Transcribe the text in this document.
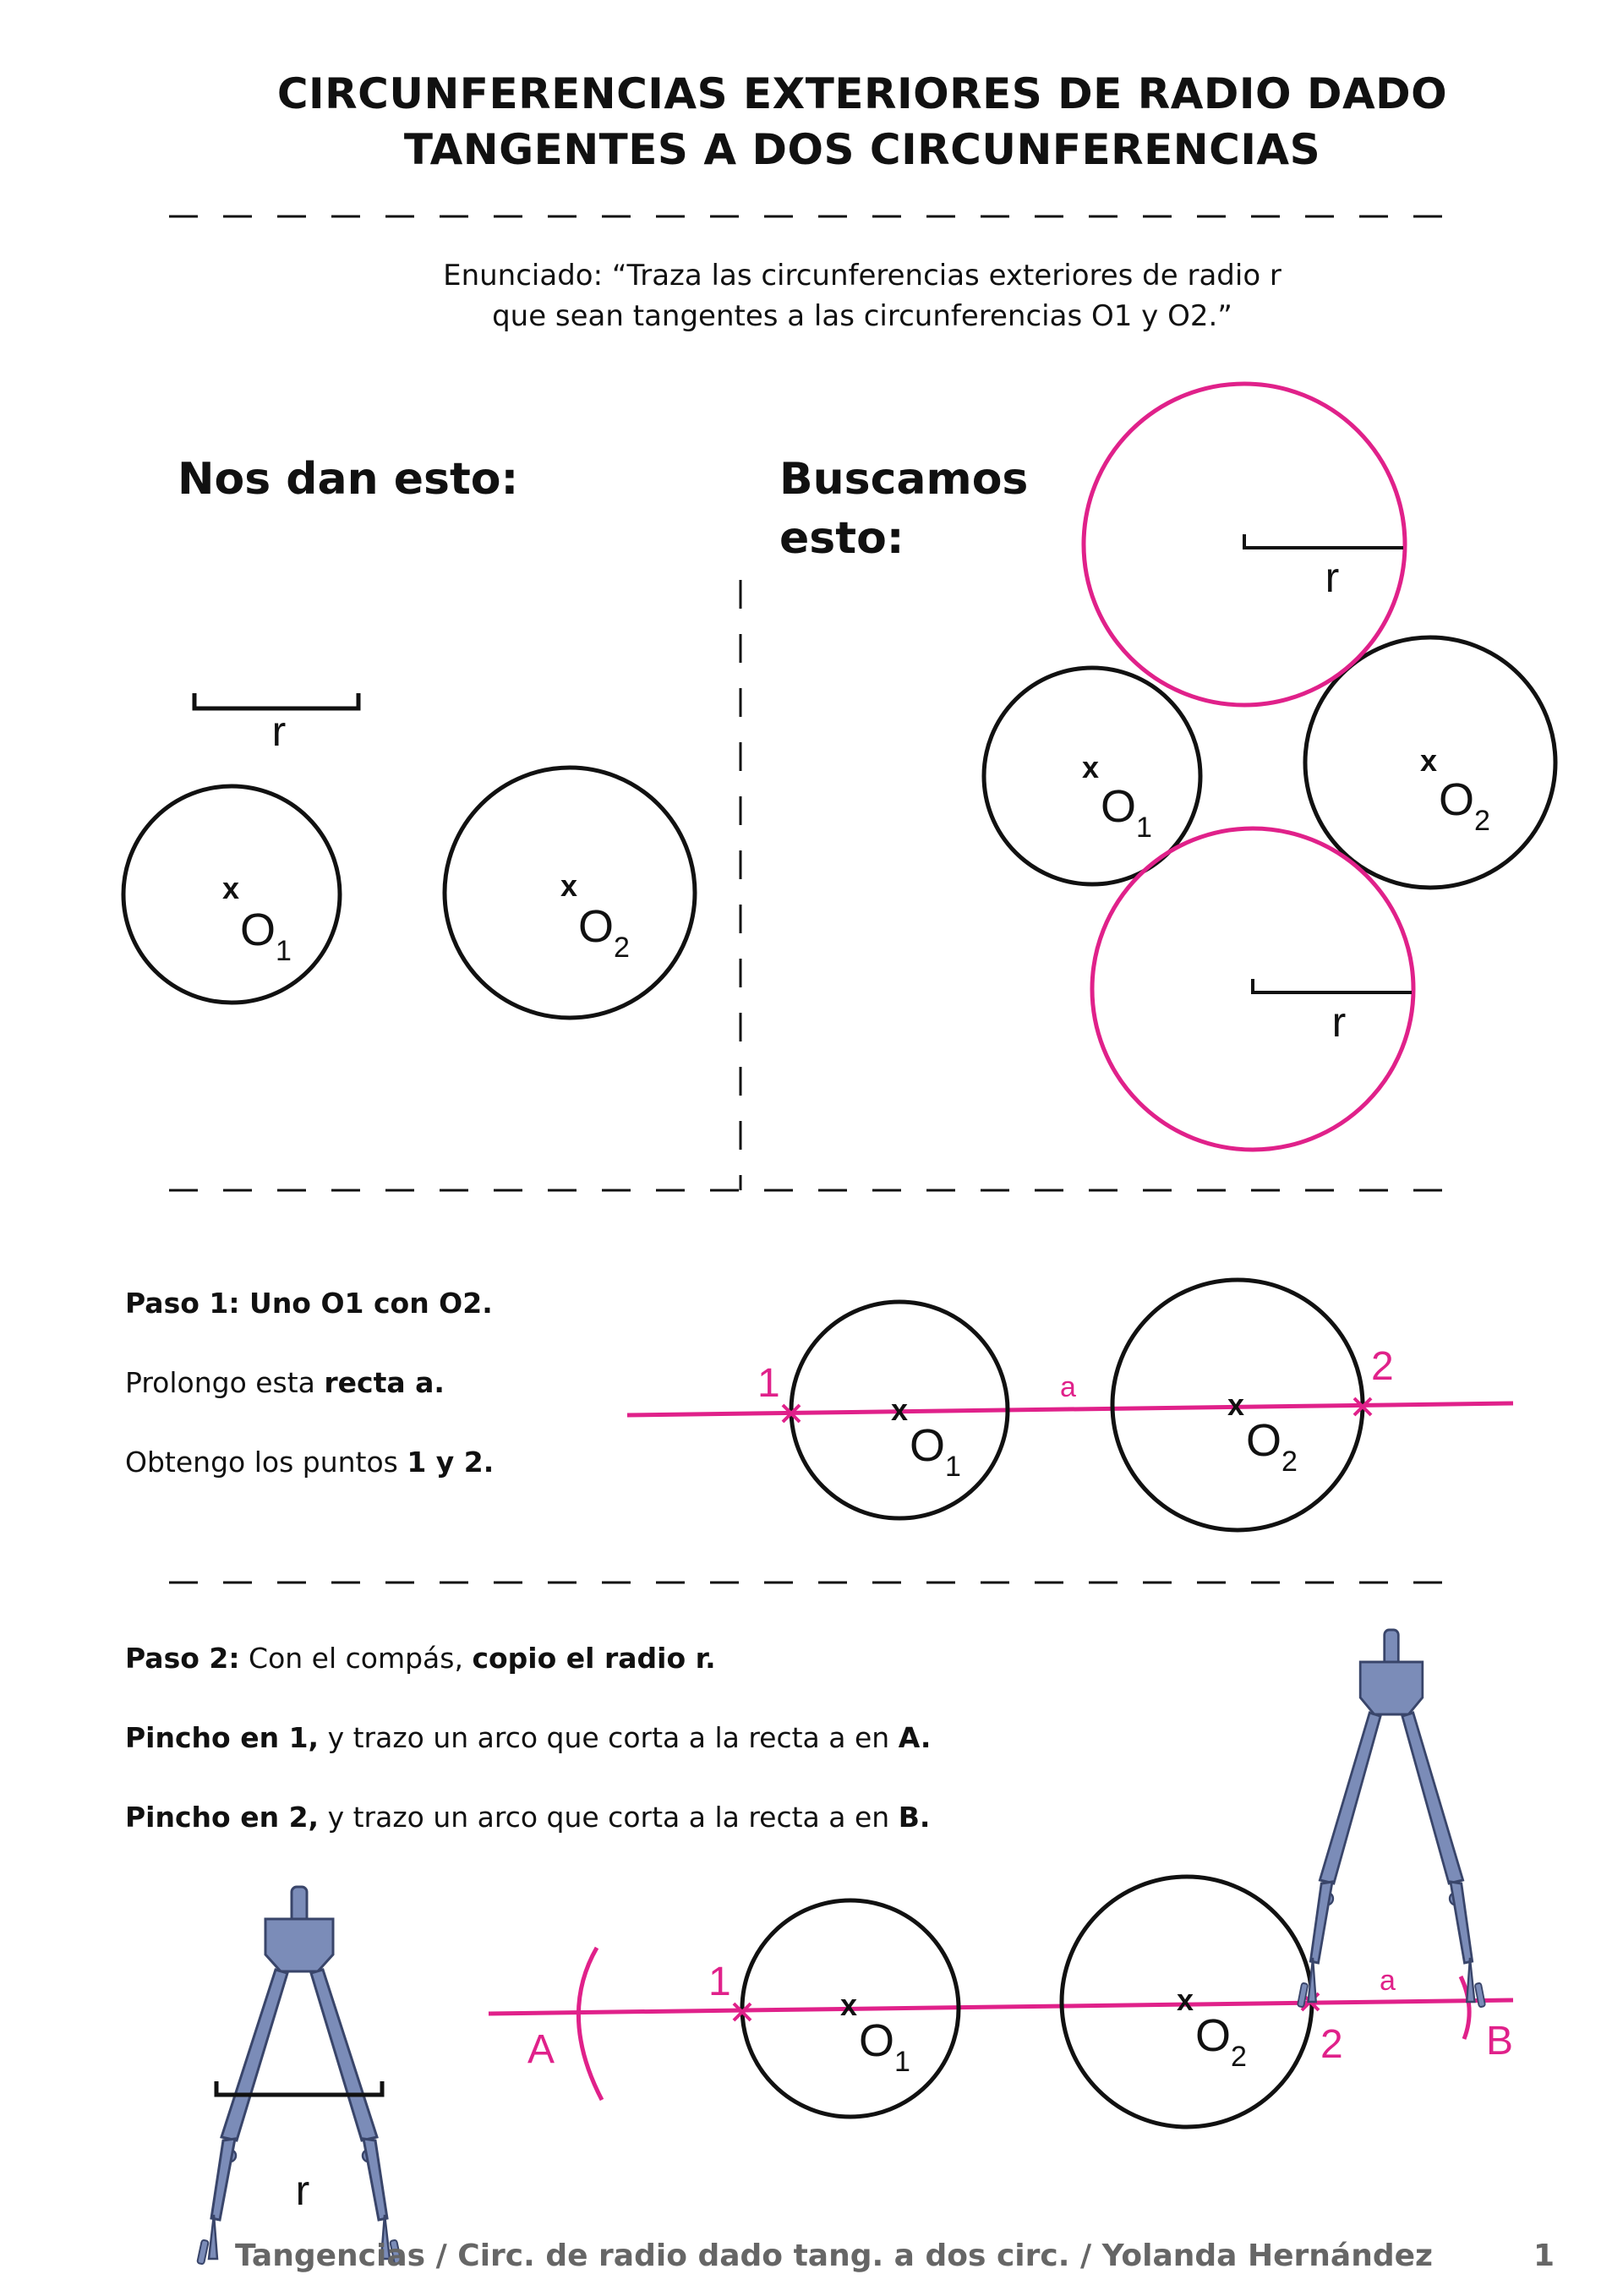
CIRCUNFERENCIAS EXTERIORES DE RADIO DADO
TANGENTES A DOS CIRCUNFERENCIAS
Enunciado: “Traza las circunferencias exteriores de radio r
que sean tangentes a las circunferencias O1 y O2.”
Nos dan esto:	Buscamos
esto:
Paso 1: Uno O1 con O2.
Prolongo esta recta a.
Obtengo los puntos 1 y 2.
Paso 2: Con el compás, copio el radio r.
Pincho en 1, y trazo un arco que corta a la recta a en A.
Pincho en 2, y trazo un arco que corta a la recta a en B.
r
x
O 1
x
O 2
x
O 1
x
O 2
r
r
x
O 1
x
O 2
1	2
a
r
x
O 1
x
O 2
1
2
a
A	B
Tangencias / Circ. de radio dado tang. a dos circ. / Yolanda Hernández	1
